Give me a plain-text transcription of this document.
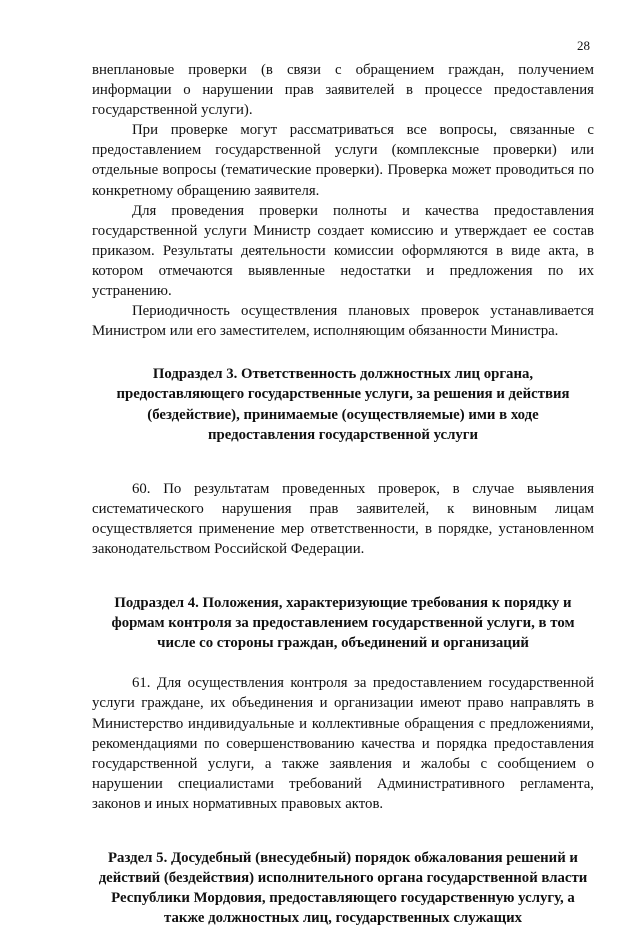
28

внеплановые проверки (в связи с обращением граждан, получением информации о нарушении прав заявителей в процессе предоставления государственной услуги).

При проверке могут рассматриваться все вопросы, связанные с предоставлением государственной услуги (комплексные проверки) или отдельные вопросы (тематические проверки). Проверка может проводиться по конкретному обращению заявителя.

Для проведения проверки полноты и качества предоставления государственной услуги Министр создает комиссию и утверждает ее состав приказом. Результаты деятельности комиссии оформляются в виде акта, в котором отмечаются выявленные недостатки и предложения по их устранению.

Периодичность осуществления плановых проверок устанавливается Министром или его заместителем, исполняющим обязанности Министра.

Подраздел 3. Ответственность должностных лиц органа, предоставляющего государственные услуги, за решения и действия (бездействие), принимаемые (осуществляемые) ими в ходе предоставления государственной услуги

60. По результатам проведенных проверок, в случае выявления систематического нарушения прав заявителей, к виновным лицам осуществляется применение мер ответственности, в порядке, установленном законодательством Российской Федерации.

Подраздел 4. Положения, характеризующие требования к порядку и формам контроля за предоставлением государственной услуги, в том числе со стороны граждан, объединений и организаций

61. Для осуществления контроля за предоставлением государственной услуги граждане, их объединения и организации имеют право направлять в Министерство индивидуальные и коллективные обращения с предложениями, рекомендациями по совершенствованию качества и порядка предоставления государственной услуги, а также заявления и жалобы с сообщением о нарушении специалистами требований Административного регламента, законов и иных нормативных правовых актов.

Раздел 5. Досудебный (внесудебный) порядок обжалования решений и действий (бездействия) исполнительного органа государственной власти Республики Мордовия, предоставляющего государственную услугу, а также должностных лиц, государственных служащих
